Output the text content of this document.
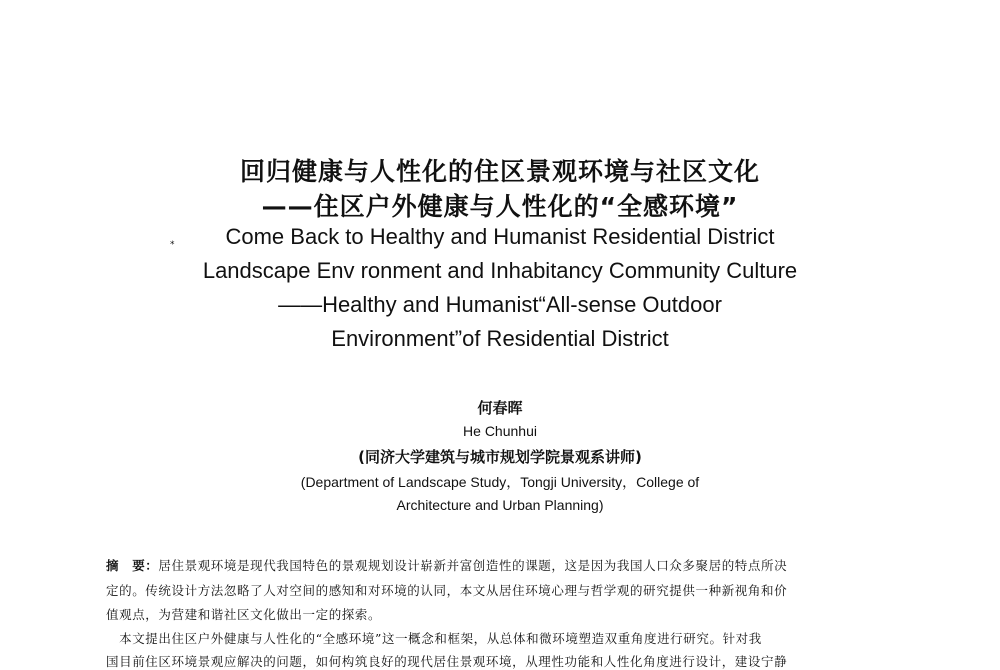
回归健康与人性化的住区景观环境与社区文化
——住区户外健康与人性化的“全感环境”
*	Come Back to Healthy and Humanist Residential District
Landscape Env ronment and Inhabitancy Community Culture
——Healthy and Humanist“All-sense Outdoor
Environment”of Residential District
何春晖
He Chunhui
(同济大学建筑与城市规划学院景观系讲师)
(Department of Landscape Study，Tongji University，College of
Architecture and Urban Planning)
摘　要：居住景观环境是现代我国特色的景观规划设计崭新并富创造性的课题，这是因为我国人口众多聚居的特点所决
定的。传统设计方法忽略了人对空间的感知和对环境的认同，本文从居住环境心理与哲学观的研究提供一种新视角和价
值观点，为营建和谐社区文化做出一定的探索。
　本文提出住区户外健康与人性化的“全感环境”这一概念和框架，从总体和微环境塑造双重角度进行研究。针对我
国目前住区环境景观应解决的问题，如何构筑良好的现代居住景观环境，从理性功能和人性化角度进行设计，建设宁静
